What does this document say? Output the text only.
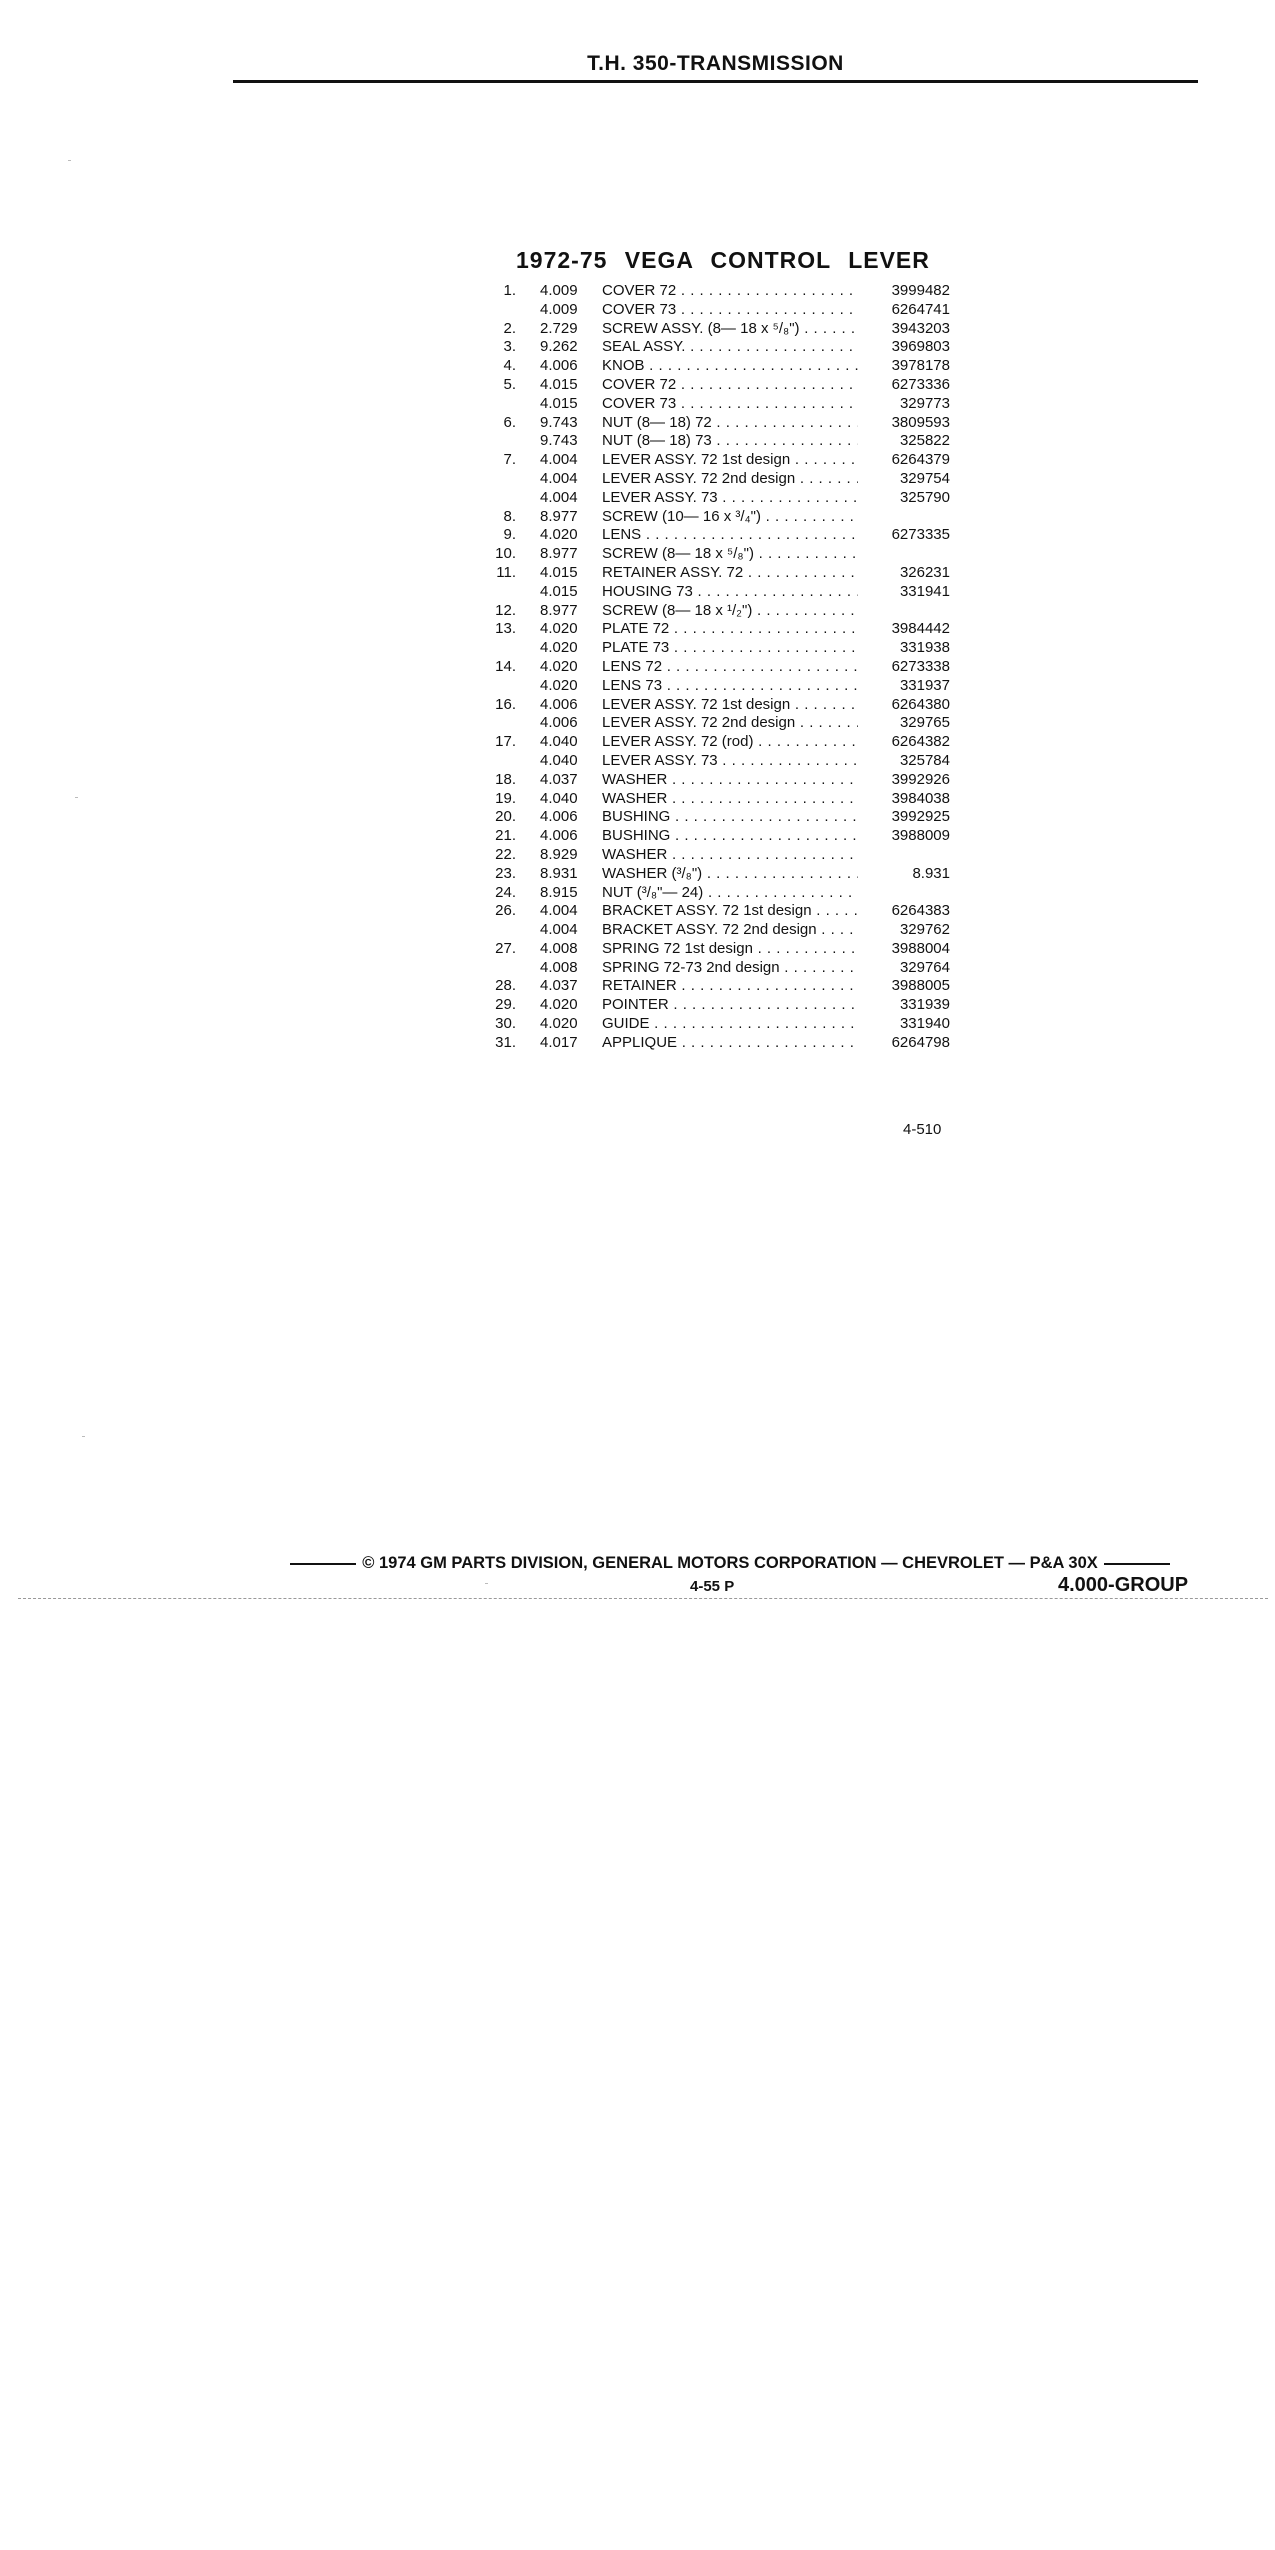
T.H. 350-TRANSMISSION
1972-75 VEGA CONTROL LEVER
1. 4.009 COVER 72 . . .	3999482
4.009 COVER 73 . . .	6264741
2. 2.729 SCREW ASSY. (8— 18 x ⁵/₈") . . .	3943203
3. 9.262 SEAL ASSY. . . .	3969803
4. 4.006 KNOB . . .	3978178
5. 4.015 COVER 72 . . .	6273336
4.015 COVER 73 . . .	329773
6. 9.743 NUT (8— 18) 72 . . .	3809593
9.743 NUT (8— 18) 73 . . .	325822
7. 4.004 LEVER ASSY. 72 1st design . . .	6264379
4.004 LEVER ASSY. 72 2nd design . . .	329754
4.004 LEVER ASSY. 73 . . .	325790
8. 8.977 SCREW (10— 16 x ³/₄") . . .
9. 4.020 LENS . . .	6273335
10. 8.977 SCREW (8— 18 x ⁵/₈") . . .
11. 4.015 RETAINER ASSY. 72 . . .	326231
4.015 HOUSING 73 . . .	331941
12. 8.977 SCREW (8— 18 x ¹/₂") . . .
13. 4.020 PLATE 72 . . .	3984442
4.020 PLATE 73 . . .	331938
14. 4.020 LENS 72 . . .	6273338
4.020 LENS 73 . . .	331937
16. 4.006 LEVER ASSY. 72 1st design . . .	6264380
4.006 LEVER ASSY. 72 2nd design . . .	329765
17. 4.040 LEVER ASSY. 72 (rod) . . .	6264382
4.040 LEVER ASSY. 73 . . .	325784
18. 4.037 WASHER . . .	3992926
19. 4.040 WASHER . . .	3984038
20. 4.006 BUSHING . . .	3992925
21. 4.006 BUSHING . . .	3988009
22. 8.929 WASHER . . .
23. 8.931 WASHER (³/₈") . . .	8.931
24. 8.915 NUT (³/₈"— 24) . . .
26. 4.004 BRACKET ASSY. 72 1st design . . .	6264383
4.004 BRACKET ASSY. 72 2nd design . . .	329762
27. 4.008 SPRING 72 1st design . . .	3988004
4.008 SPRING 72-73 2nd design . . .	329764
28. 4.037 RETAINER . . .	3988005
29. 4.020 POINTER . . .	331939
30. 4.020 GUIDE . . .	331940
31. 4.017 APPLIQUE . . .	6264798
4-510
© 1974 GM PARTS DIVISION, GENERAL MOTORS CORPORATION — CHEVROLET — P&A 30X
4-55 P	4.000-GROUP
